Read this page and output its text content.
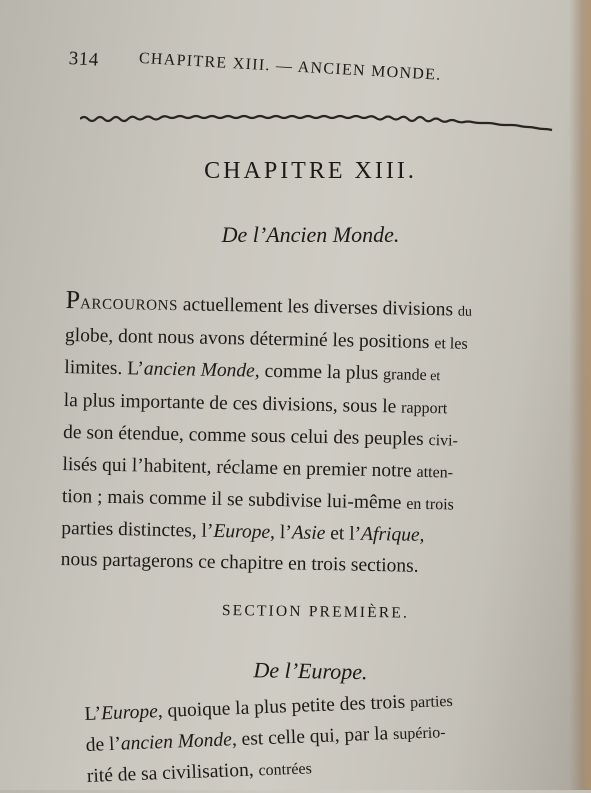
314 CHAPITRE XIII. — ANCIEN MONDE.
CHAPITRE XIII.
De l’Ancien Monde.
PARCOURONS actuellement les diverses divisions du
globe, dont nous avons déterminé les positions et les
limites. L’ancien Monde, comme la plus grande et
la plus importante de ces divisions, sous le rapport
de son étendue, comme sous celui des peuples civi-
lisés qui l’habitent, réclame en premier notre atten-
tion ; mais comme il se subdivise lui-même en trois
parties distinctes, l’Europe, l’Asie et l’Afrique,
nous partagerons ce chapitre en trois sections.
SECTION PREMIÈRE.
De l’Europe.
L’Europe, quoique la plus petite des trois parties
de l’ancien Monde, est celle qui, par la supério-
rité de sa civilisation, contrées
